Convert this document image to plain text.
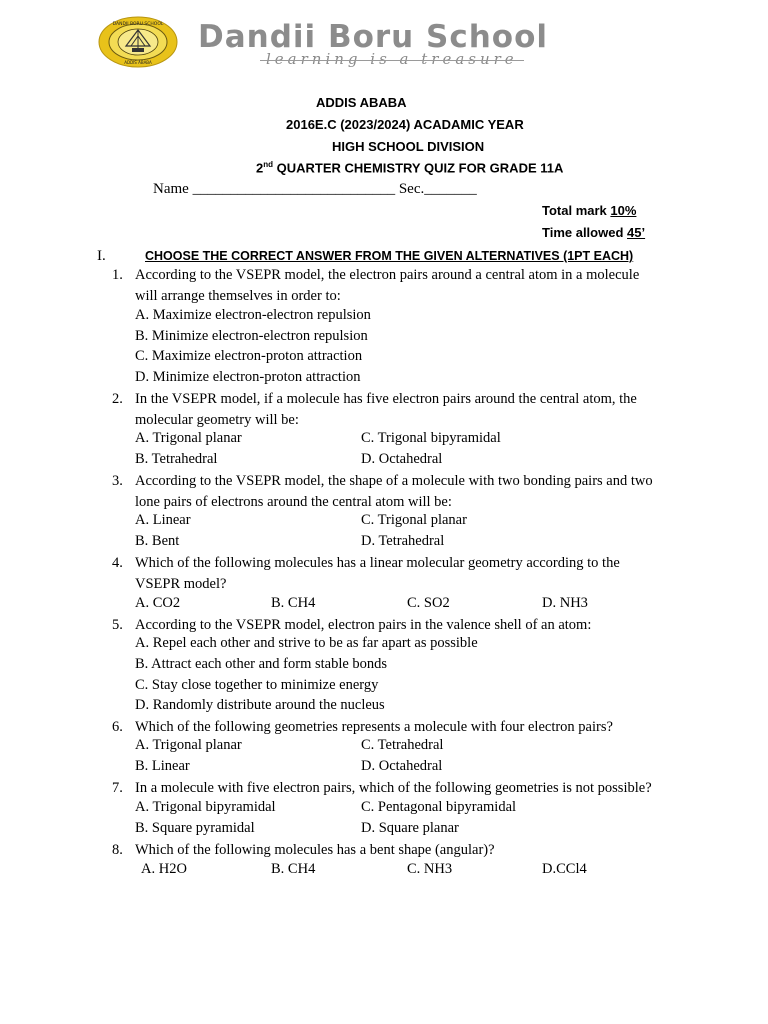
DANDII BORU SCHOOL
ADDIS ABABA
Dandii Boru School
learning is a treasure
ADDIS ABABA
2016E.C (2023/2024) ACADAMIC YEAR
HIGH SCHOOL DIVISION
2nd QUARTER CHEMISTRY QUIZ FOR GRADE 11A
Name ___________________________ Sec._______
Total mark 10%
Time allowed 45’
I.	CHOOSE THE CORRECT ANSWER FROM THE GIVEN ALTERNATIVES (1PT EACH)
1. According to the VSEPR model, the electron pairs around a central atom in a molecule
will arrange themselves in order to:
A. Maximize electron-electron repulsion
B. Minimize electron-electron repulsion
C. Maximize electron-proton attraction
D. Minimize electron-proton attraction
2. In the VSEPR model, if a molecule has five electron pairs around the central atom, the
molecular geometry will be:
A. Trigonal planar	C. Trigonal bipyramidal
B. Tetrahedral	D. Octahedral
3. According to the VSEPR model, the shape of a molecule with two bonding pairs and two
lone pairs of electrons around the central atom will be:
A. Linear	C. Trigonal planar
B. Bent	D. Tetrahedral
4. Which of the following molecules has a linear molecular geometry according to the
VSEPR model?
A. CO2	B. CH4	C. SO2	D. NH3
5. According to the VSEPR model, electron pairs in the valence shell of an atom:
A. Repel each other and strive to be as far apart as possible
B. Attract each other and form stable bonds
C. Stay close together to minimize energy
D. Randomly distribute around the nucleus
6. Which of the following geometries represents a molecule with four electron pairs?
A. Trigonal planar	C. Tetrahedral
B. Linear	D. Octahedral
7. In a molecule with five electron pairs, which of the following geometries is not possible?
A. Trigonal bipyramidal	C. Pentagonal bipyramidal
B. Square pyramidal	D. Square planar
8. Which of the following molecules has a bent shape (angular)?
A. H2O	B. CH4	C. NH3	D.CCl4
